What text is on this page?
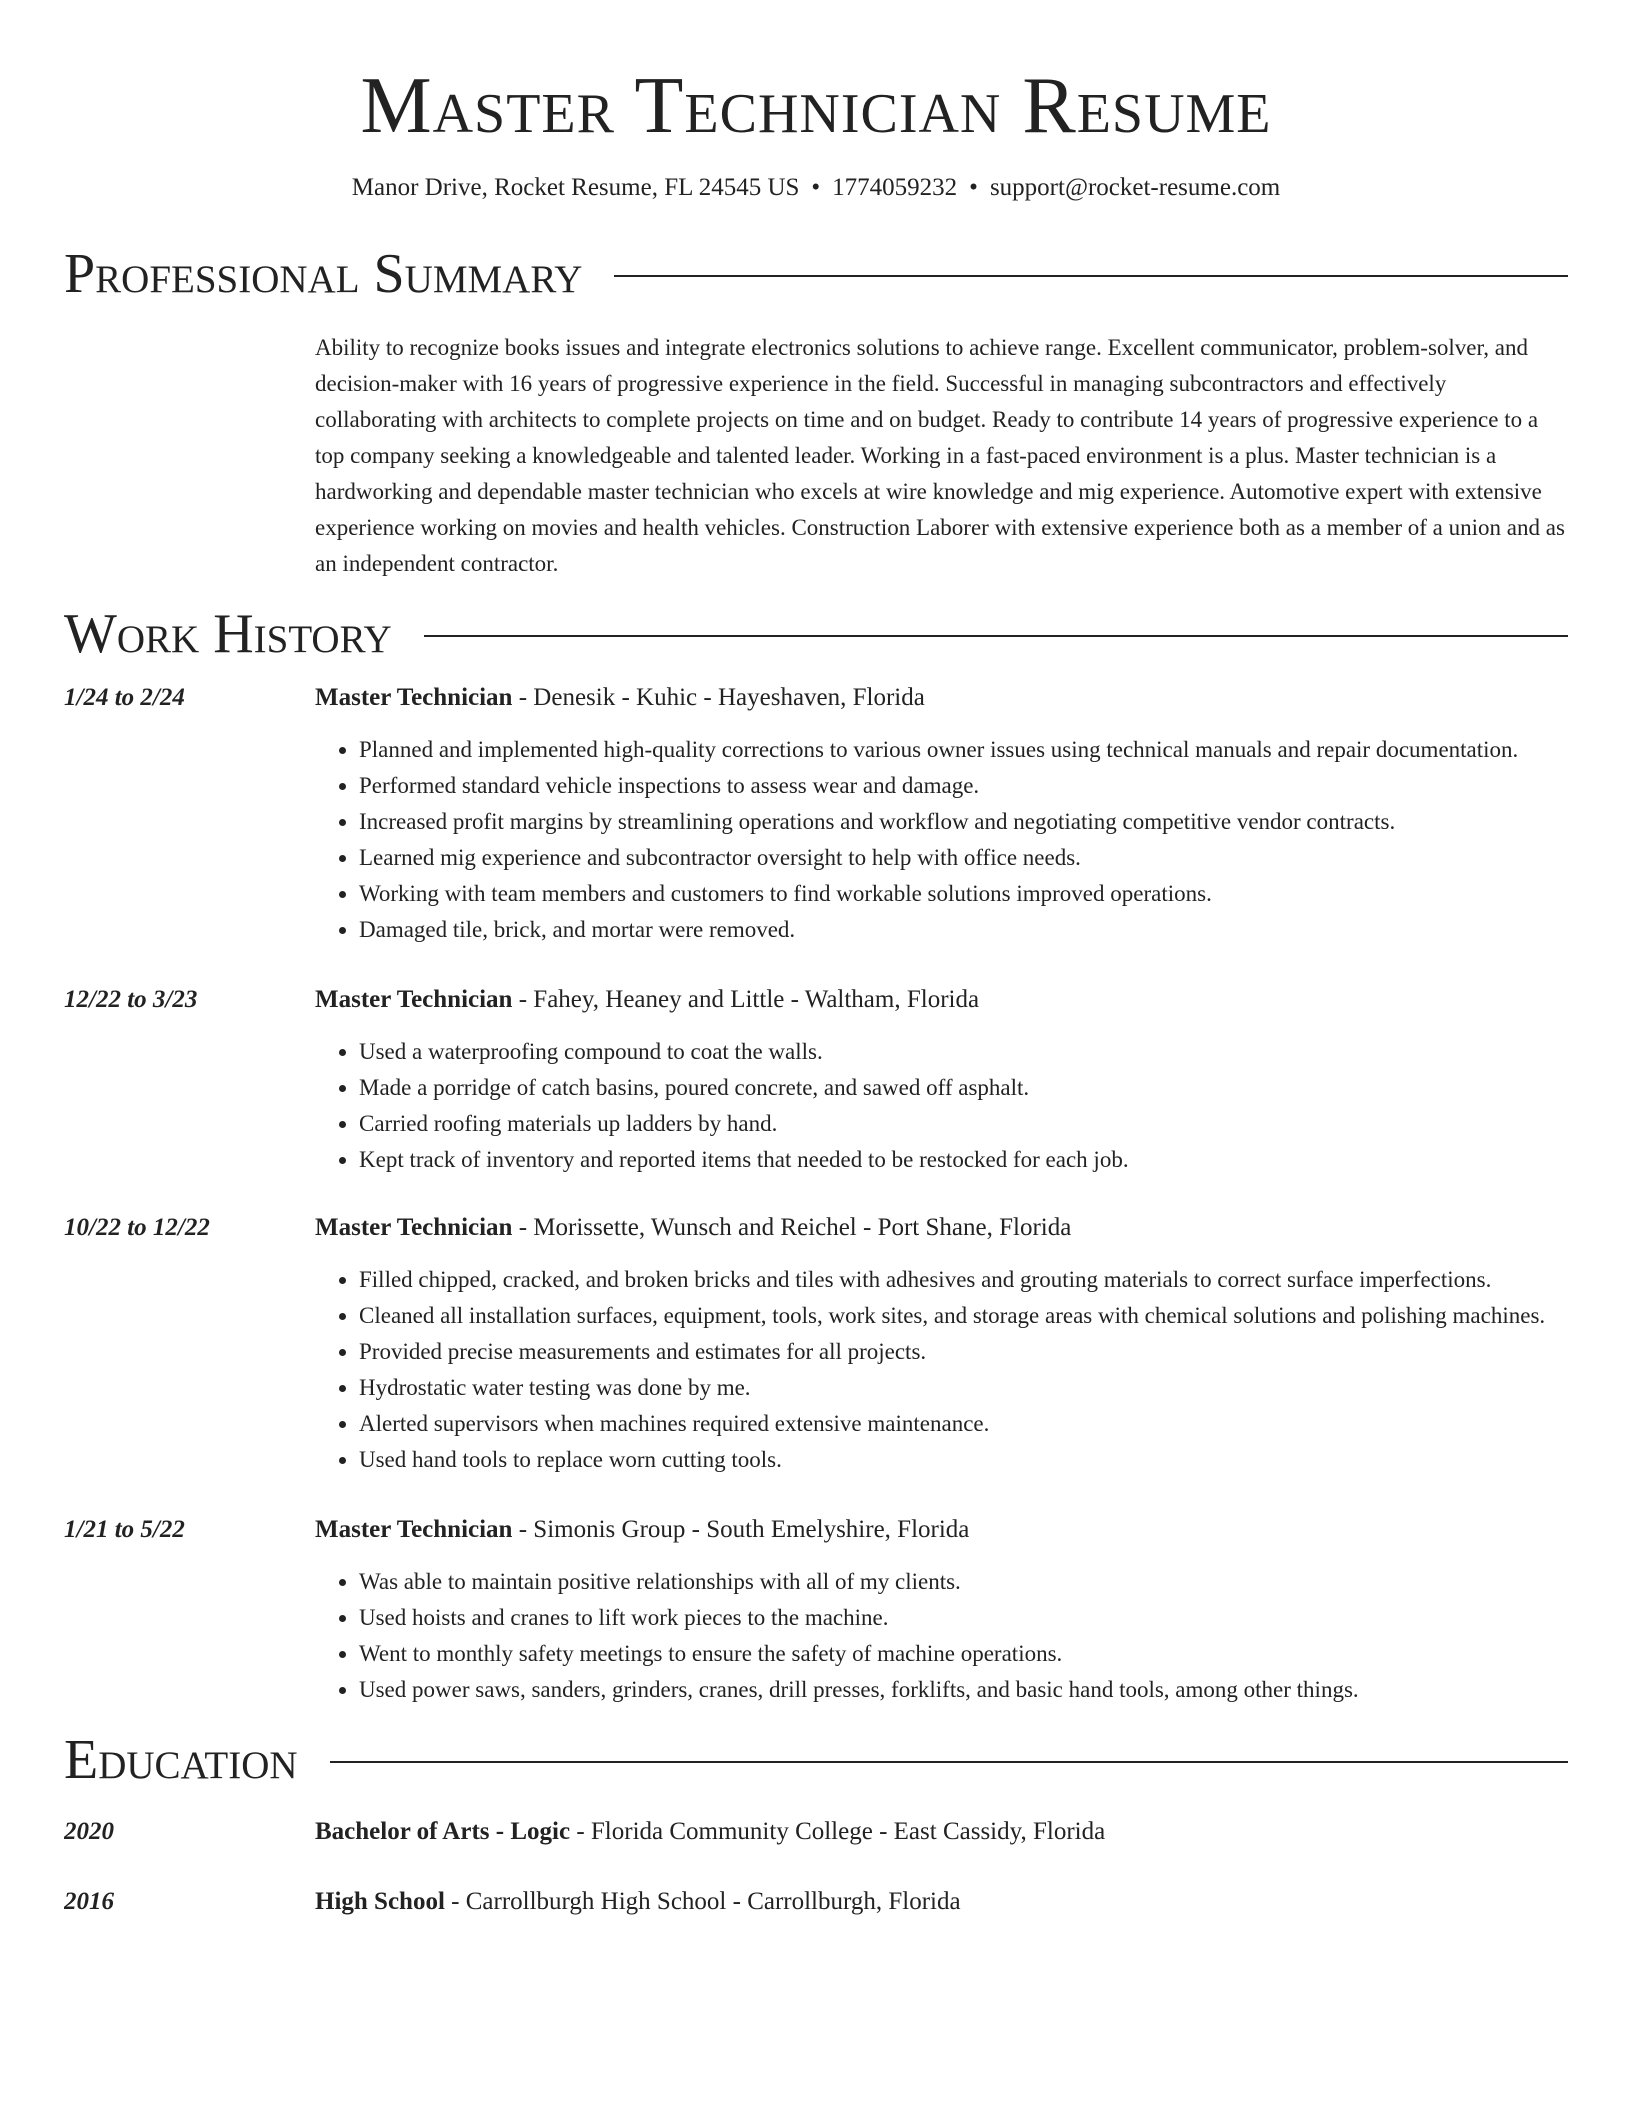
Master Technician Resume
Manor Drive, Rocket Resume, FL 24545 US • 1774059232 • support@rocket-resume.com
Professional Summary
Ability to recognize books issues and integrate electronics solutions to achieve range. Excellent communicator, problem-solver, and decision-maker with 16 years of progressive experience in the field. Successful in managing subcontractors and effectively collaborating with architects to complete projects on time and on budget. Ready to contribute 14 years of progressive experience to a top company seeking a knowledgeable and talented leader. Working in a fast-paced environment is a plus. Master technician is a hardworking and dependable master technician who excels at wire knowledge and mig experience. Automotive expert with extensive experience working on movies and health vehicles. Construction Laborer with extensive experience both as a member of a union and as an independent contractor.
Work History
1/24 to 2/24	Master Technician - Denesik - Kuhic - Hayeshaven, Florida
• Planned and implemented high-quality corrections to various owner issues using technical manuals and repair documentation.
• Performed standard vehicle inspections to assess wear and damage.
• Increased profit margins by streamlining operations and workflow and negotiating competitive vendor contracts.
• Learned mig experience and subcontractor oversight to help with office needs.
• Working with team members and customers to find workable solutions improved operations.
• Damaged tile, brick, and mortar were removed.
12/22 to 3/23	Master Technician - Fahey, Heaney and Little - Waltham, Florida
• Used a waterproofing compound to coat the walls.
• Made a porridge of catch basins, poured concrete, and sawed off asphalt.
• Carried roofing materials up ladders by hand.
• Kept track of inventory and reported items that needed to be restocked for each job.
10/22 to 12/22	Master Technician - Morissette, Wunsch and Reichel - Port Shane, Florida
• Filled chipped, cracked, and broken bricks and tiles with adhesives and grouting materials to correct surface imperfections.
• Cleaned all installation surfaces, equipment, tools, work sites, and storage areas with chemical solutions and polishing machines.
• Provided precise measurements and estimates for all projects.
• Hydrostatic water testing was done by me.
• Alerted supervisors when machines required extensive maintenance.
• Used hand tools to replace worn cutting tools.
1/21 to 5/22	Master Technician - Simonis Group - South Emelyshire, Florida
• Was able to maintain positive relationships with all of my clients.
• Used hoists and cranes to lift work pieces to the machine.
• Went to monthly safety meetings to ensure the safety of machine operations.
• Used power saws, sanders, grinders, cranes, drill presses, forklifts, and basic hand tools, among other things.
Education
2020	Bachelor of Arts - Logic - Florida Community College - East Cassidy, Florida
2016	High School - Carrollburgh High School - Carrollburgh, Florida
